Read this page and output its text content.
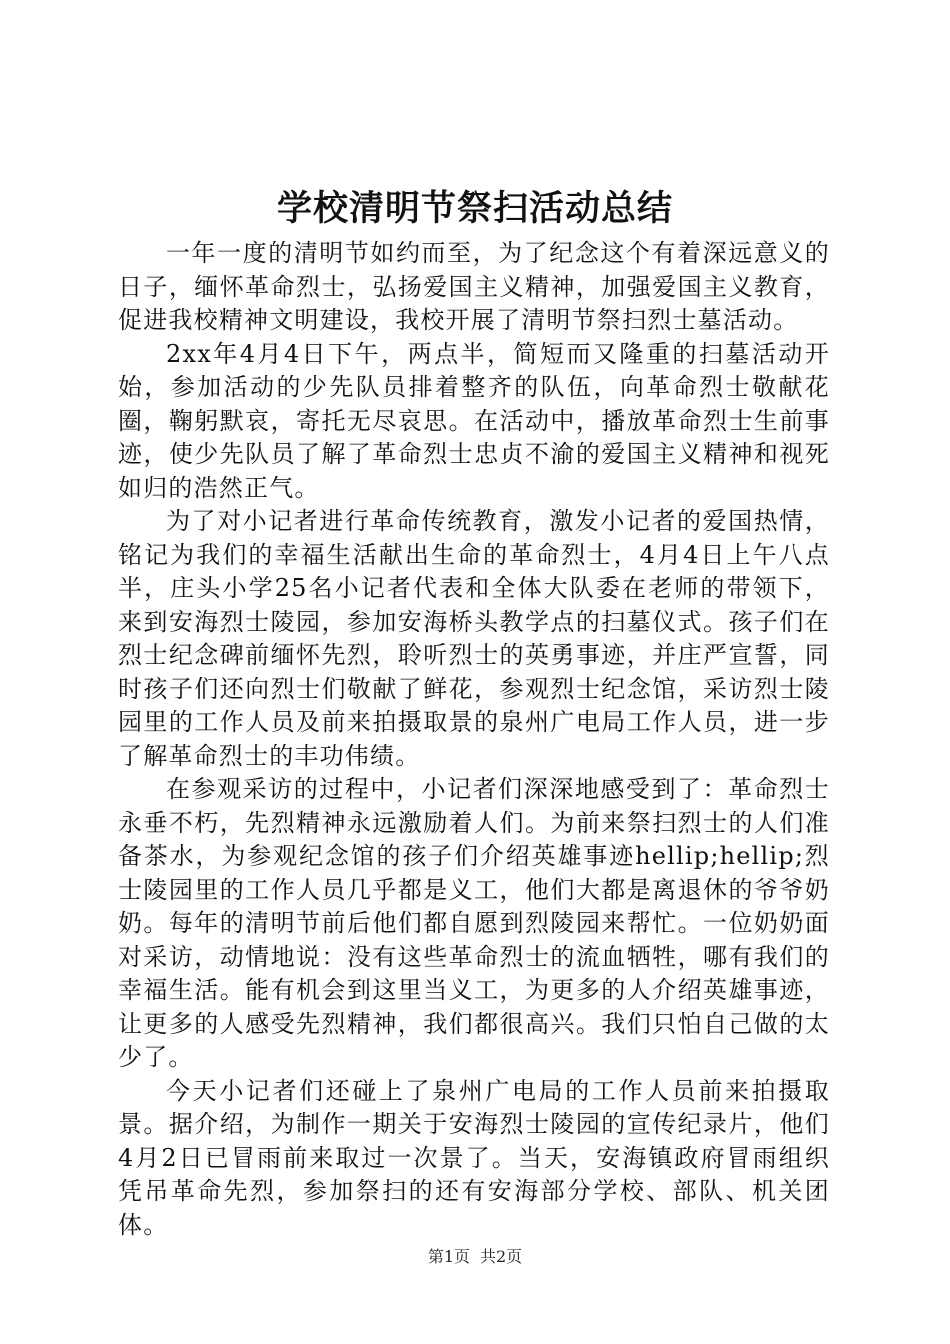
学校清明节祭扫活动总结

一年一度的清明节如约而至，为了纪念这个有着深远意义的日子，缅怀革命烈士，弘扬爱国主义精神，加强爱国主义教育，促进我校精神文明建设，我校开展了清明节祭扫烈士墓活动。

2xx年4月4日下午，两点半，简短而又隆重的扫墓活动开始，参加活动的少先队员排着整齐的队伍，向革命烈士敬献花圈，鞠躬默哀，寄托无尽哀思。在活动中，播放革命烈士生前事迹，使少先队员了解了革命烈士忠贞不渝的爱国主义精神和视死如归的浩然正气。

为了对小记者进行革命传统教育，激发小记者的爱国热情，铭记为我们的幸福生活献出生命的革命烈士，4月4日上午八点半，庄头小学25名小记者代表和全体大队委在老师的带领下，来到安海烈士陵园，参加安海桥头教学点的扫墓仪式。孩子们在烈士纪念碑前缅怀先烈，聆听烈士的英勇事迹，并庄严宣誓，同时孩子们还向烈士们敬献了鲜花，参观烈士纪念馆，采访烈士陵园里的工作人员及前来拍摄取景的泉州广电局工作人员，进一步了解革命烈士的丰功伟绩。

在参观采访的过程中，小记者们深深地感受到了：革命烈士永垂不朽，先烈精神永远激励着人们。为前来祭扫烈士的人们准备茶水，为参观纪念馆的孩子们介绍英雄事迹hellip;hellip;烈士陵园里的工作人员几乎都是义工，他们大都是离退休的爷爷奶奶。每年的清明节前后他们都自愿到烈陵园来帮忙。一位奶奶面对采访，动情地说：没有这些革命烈士的流血牺牲，哪有我们的幸福生活。能有机会到这里当义工，为更多的人介绍英雄事迹，让更多的人感受先烈精神，我们都很高兴。我们只怕自己做的太少了。

今天小记者们还碰上了泉州广电局的工作人员前来拍摄取景。据介绍，为制作一期关于安海烈士陵园的宣传纪录片，他们4月2日已冒雨前来取过一次景了。当天，安海镇政府冒雨组织凭吊革命先烈，参加祭扫的还有安海部分学校、部队、机关团体。

第1页 共2页
